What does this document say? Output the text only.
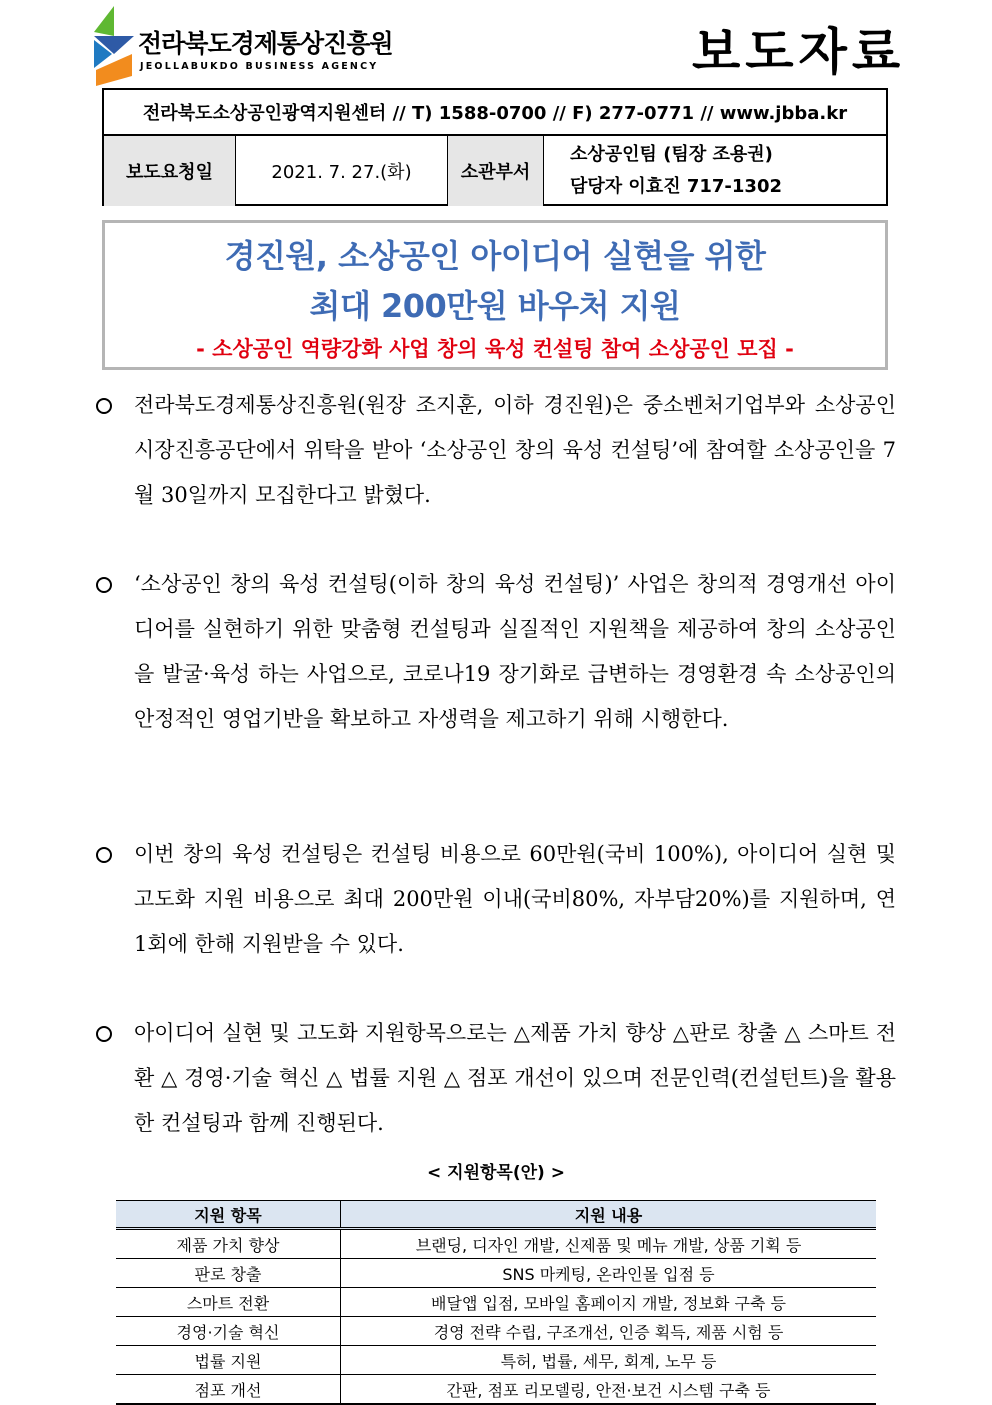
전라북도경제통상진흥원
JEOLLABUKDO BUSINESS AGENCY	보도자료
전라북도소상공인광역지원센터 // T) 1588-0700 // F) 277-0771 // www.jbba.kr
보도요청일	2021. 7. 27.(화)	소관부서
소상공인팀 (팀장 조용권)
담당자 이효진 717-1302
경진원, 소상공인 아이디어 실현을 위한
최대 200만원 바우처 지원
- 소상공인 역량강화 사업 창의 육성 컨설팅 참여 소상공인 모집 -
전라북도경제통상진흥원(원장 조지훈, 이하 경진원)은 중소벤처기업부와 소상공인시장진흥공단에서 위탁을 받아 ‘소상공인 창의 육성 컨설팅’에 참여할 소상공인을 7월 30일까지 모집한다고 밝혔다.
‘소상공인 창의 육성 컨설팅(이하 창의 육성 컨설팅)’ 사업은 창의적 경영개선 아이디어를 실현하기 위한 맞춤형 컨설팅과 실질적인 지원책을 제공하여 창의 소상공인을 발굴·육성 하는 사업으로, 코로나19 장기화로 급변하는 경영환경 속 소상공인의 안정적인 영업기반을 확보하고 자생력을 제고하기 위해 시행한다.
이번 창의 육성 컨설팅은 컨설팅 비용으로 60만원(국비 100%), 아이디어 실현 및 고도화 지원 비용으로 최대 200만원 이내(국비80%, 자부담20%)를 지원하며, 연 1회에 한해 지원받을 수 있다.
아이디어 실현 및 고도화 지원항목으로는 △제품 가치 향상 △판로 창출 △ 스마트 전환 △ 경영·기술 혁신 △ 법률 지원 △ 점포 개선이 있으며 전문인력(컨설턴트)을 활용한 컨설팅과 함께 진행된다.
< 지원항목(안) >
지원 항목	지원 내용
제품 가치 향상	브랜딩, 디자인 개발, 신제품 및 메뉴 개발, 상품 기획 등
판로 창출	SNS 마케팅, 온라인몰 입점 등
스마트 전환	배달앱 입점, 모바일 홈페이지 개발, 정보화 구축 등
경영·기술 혁신	경영 전략 수립, 구조개선, 인증 획득, 제품 시험 등
법률 지원	특허, 법률, 세무, 회계, 노무 등
점포 개선	간판, 점포 리모델링, 안전·보건 시스템 구축 등
